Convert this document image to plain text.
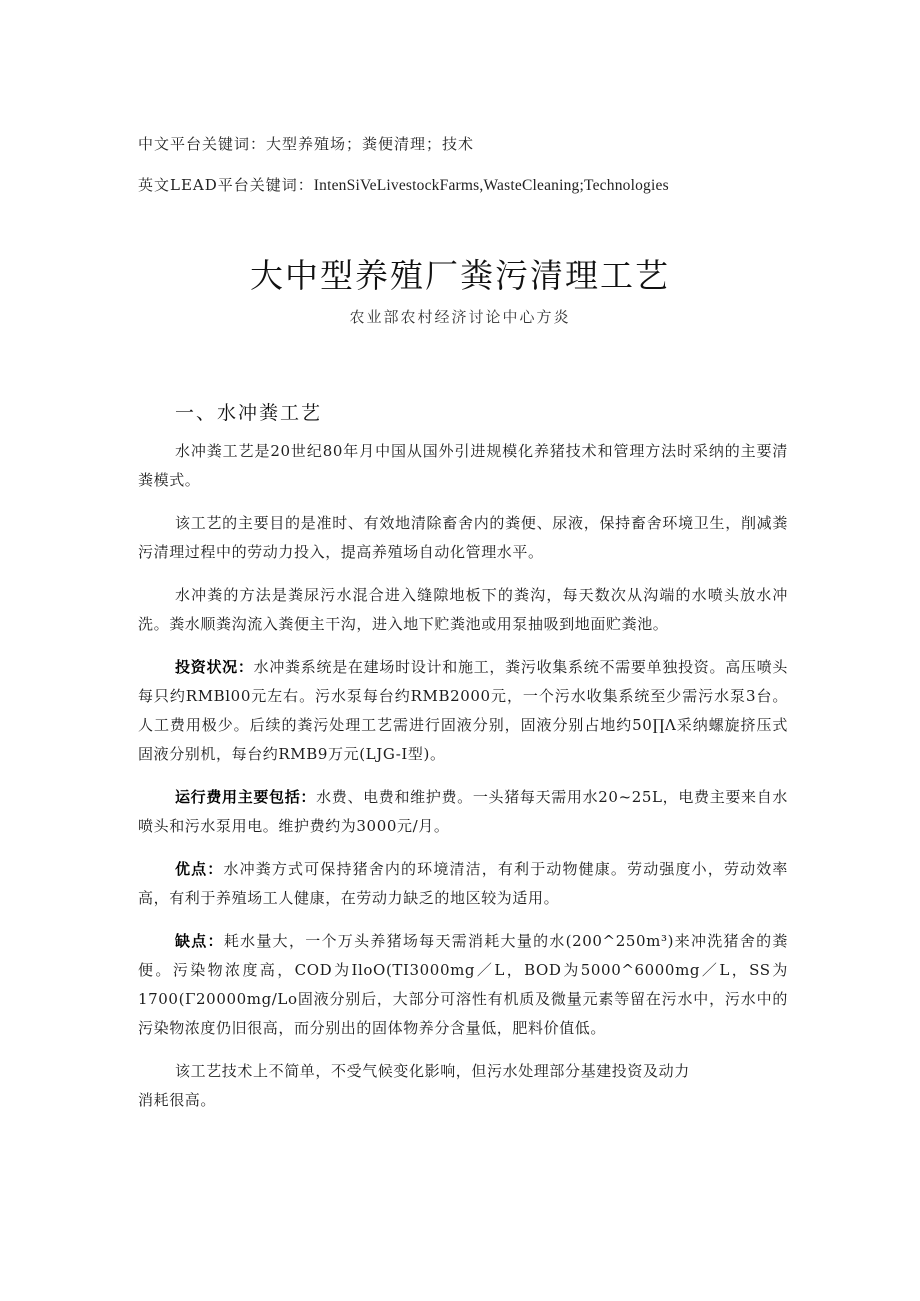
中文平台关键词：大型养殖场；粪便清理；技术
英文LEAD平台关键词：IntenSiVeLivestockFarms,WasteCleaning;Technologies
大中型养殖厂粪污清理工艺
农业部农村经济讨论中心方炎
一、水冲粪工艺

水冲粪工艺是20世纪80年月中国从国外引进规模化养猪技术和管理方法时采纳的主要清粪模式。

该工艺的主要目的是准时、有效地清除畜舍内的粪便、尿液，保持畜舍环境卫生，削减粪污清理过程中的劳动力投入，提高养殖场自动化管理水平。

水冲粪的方法是粪尿污水混合进入缝隙地板下的粪沟，每天数次从沟端的水喷头放水冲洗。粪水顺粪沟流入粪便主干沟，进入地下贮粪池或用泵抽吸到地面贮粪池。

投资状况：水冲粪系统是在建场时设计和施工，粪污收集系统不需要单独投资。高压喷头每只约RMBl00元左右。污水泵每台约RMB2000元，一个污水收集系统至少需污水泵3台。人工费用极少。后续的粪污处理工艺需进行固液分别，固液分别占地约50∏Λ采纳螺旋挤压式固液分别机，每台约RMB9万元(LJG-I型)。

运行费用主要包括：水费、电费和维护费。一头猪每天需用水20~25L，电费主要来自水喷头和污水泵用电。维护费约为3000元/月。

优点：水冲粪方式可保持猪舍内的环境清洁，有利于动物健康。劳动强度小，劳动效率高，有利于养殖场工人健康，在劳动力缺乏的地区较为适用。

缺点：耗水量大，一个万头养猪场每天需消耗大量的水(200^250m³)来冲洗猪舍的粪便。污染物浓度高，COD为IloO(TI3000mg／L，BOD为5000^6000mg／L，SS为1700(Γ20000mg/Lo固液分别后，大部分可溶性有机质及微量元素等留在污水中，污水中的污染物浓度仍旧很高，而分别出的固体物养分含量低，肥料价值低。

该工艺技术上不简单，不受气候变化影响，但污水处理部分基建投资及动力

消耗很高。
